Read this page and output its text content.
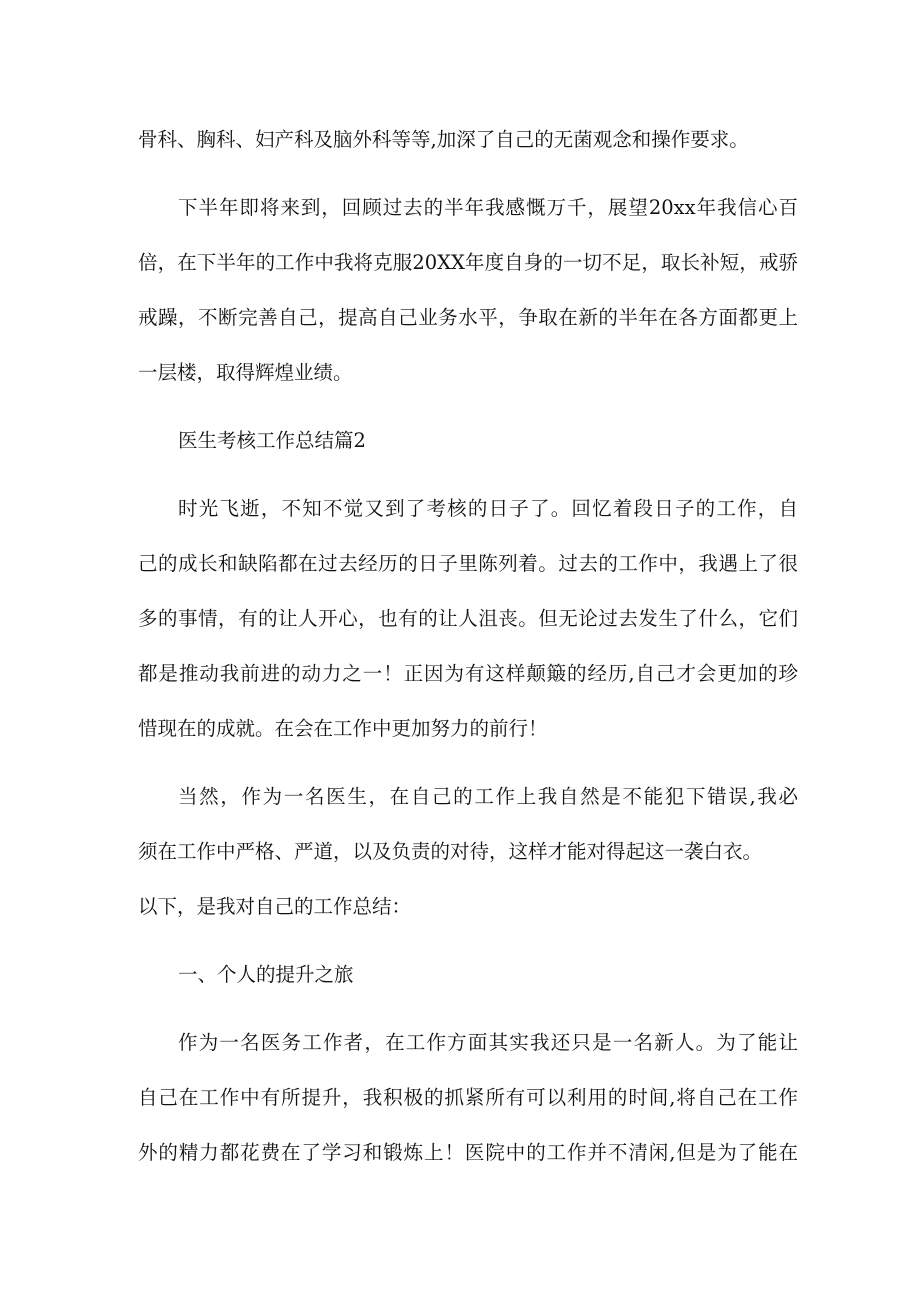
骨科、胸科、妇产科及脑外科等等,加深了自己的无菌观念和操作要求。
下半年即将来到，回顾过去的半年我感慨万千，展望20xx年我信心百
倍，在下半年的工作中我将克服20XX年度自身的一切不足，取长补短，戒骄
戒躁，不断完善自己，提高自己业务水平，争取在新的半年在各方面都更上
一层楼，取得辉煌业绩。
医生考核工作总结篇2
时光飞逝，不知不觉又到了考核的日子了。回忆着段日子的工作，自
己的成长和缺陷都在过去经历的日子里陈列着。过去的工作中，我遇上了很
多的事情，有的让人开心，也有的让人沮丧。但无论过去发生了什么，它们
都是推动我前进的动力之一！正因为有这样颠簸的经历,自己才会更加的珍
惜现在的成就。在会在工作中更加努力的前行！
当然，作为一名医生，在自己的工作上我自然是不能犯下错误,我必
须在工作中严格、严道，以及负责的对待，这样才能对得起这一袭白衣。
以下，是我对自己的工作总结：
一、个人的提升之旅
作为一名医务工作者，在工作方面其实我还只是一名新人。为了能让
自己在工作中有所提升，我积极的抓紧所有可以利用的时间,将自己在工作
外的精力都花费在了学习和锻炼上！医院中的工作并不清闲,但是为了能在
